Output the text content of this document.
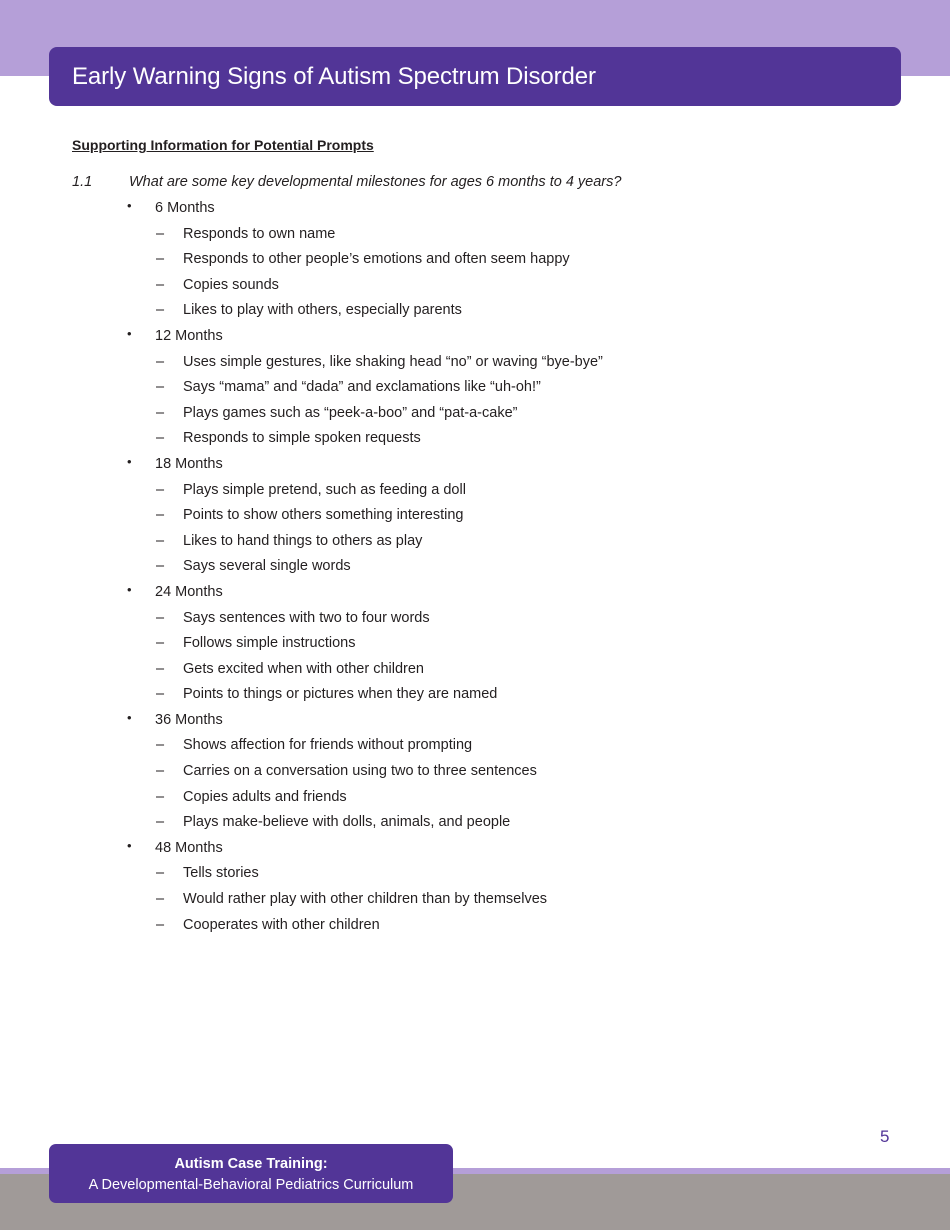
Early Warning Signs of Autism Spectrum Disorder
Supporting Information for Potential Prompts
1.1	What are some key developmental milestones for ages 6 months to 4 years?
• 6 Months
– Responds to own name
– Responds to other people’s emotions and often seem happy
– Copies sounds
– Likes to play with others, especially parents
• 12 Months
– Uses simple gestures, like shaking head “no” or waving “bye-bye”
– Says “mama” and “dada” and exclamations like “uh-oh!”
– Plays games such as “peek-a-boo” and “pat-a-cake”
– Responds to simple spoken requests
• 18 Months
– Plays simple pretend, such as feeding a doll
– Points to show others something interesting
– Likes to hand things to others as play
– Says several single words
• 24 Months
– Says sentences with two to four words
– Follows simple instructions
– Gets excited when with other children
– Points to things or pictures when they are named
• 36 Months
– Shows affection for friends without prompting
– Carries on a conversation using two to three sentences
– Copies adults and friends
– Plays make-believe with dolls, animals, and people
• 48 Months
– Tells stories
– Would rather play with other children than by themselves
– Cooperates with other children
5
Autism Case Training:
A Developmental-Behavioral Pediatrics Curriculum
